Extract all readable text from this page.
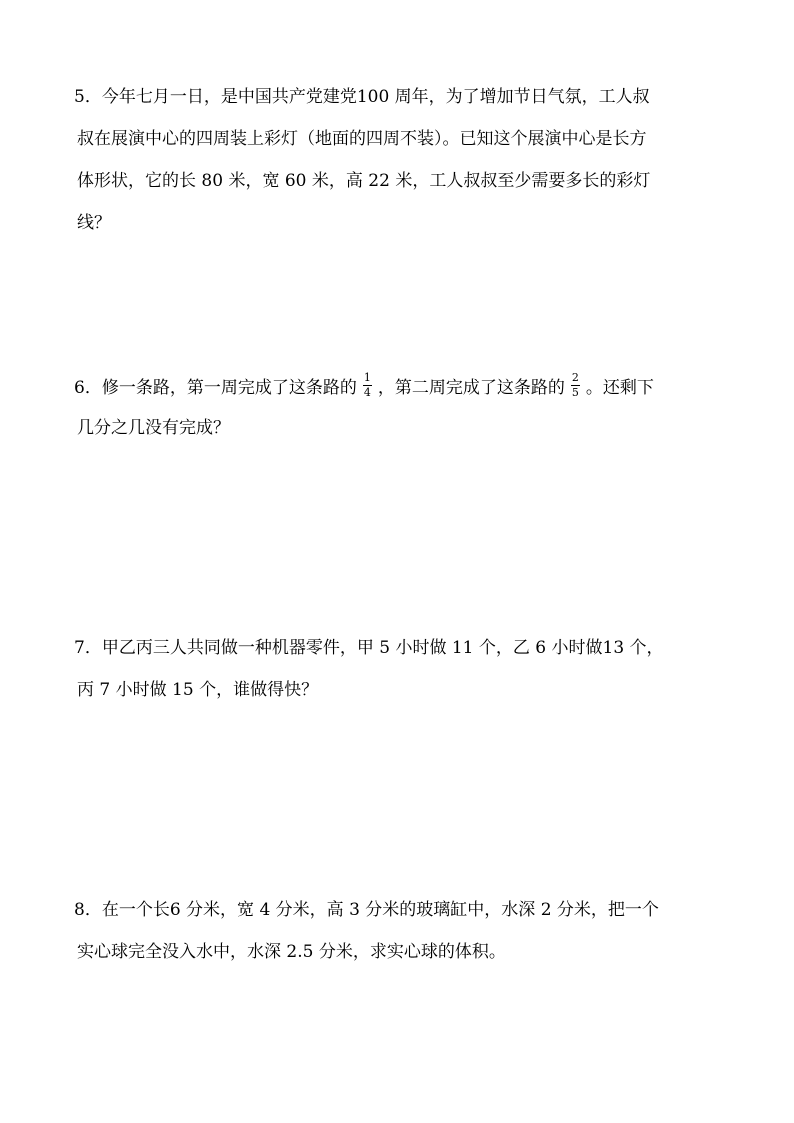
5．今年七月一日，是中国共产党建党100 周年，为了增加节日气氛，工人叔
叔在展演中心的四周装上彩灯（地面的四周不装）。已知这个展演中心是长方
体形状，它的长 80 米，宽 60 米，高 22 米，工人叔叔至少需要多长的彩灯
线？
6．修一条路，第一周完成了这条路的 $\frac{1}{4}$ ，第二周完成了这条路的 $\frac{2}{5}$ 。还剩下
几分之几没有完成？
7．甲乙丙三人共同做一种机器零件，甲 5 小时做 11 个，乙 6 小时做13 个，
丙 7 小时做 15 个，谁做得快？
8．在一个长6 分米，宽 4 分米，高 3 分米的玻璃缸中，水深 2 分米，把一个
实心球完全没入水中，水深 2.5 分米，求实心球的体积。
